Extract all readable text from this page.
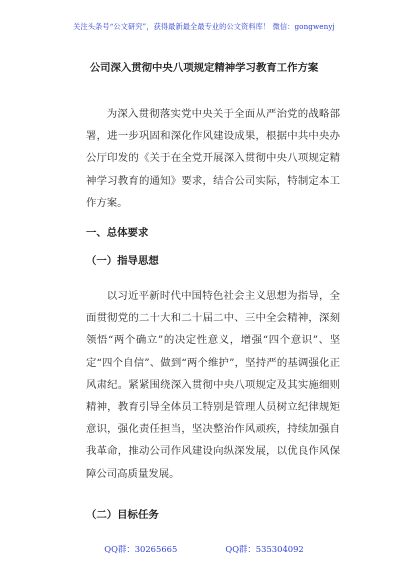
关注头条号“公文研究”，获得最新最全最专业的公文资料库！ 微信：gongwenyj
公司深入贯彻中央八项规定精神学习教育工作方案
为深入贯彻落实党中央关于全面从严治党的战略部署，进一步巩固和深化作风建设成果，根据中共中央办公厅印发的《关于在全党开展深入贯彻中央八项规定精神学习教育的通知》要求，结合公司实际，特制定本工作方案。
一、总体要求
（一）指导思想
以习近平新时代中国特色社会主义思想为指导，全面贯彻党的二十大和二十届二中、三中全会精神，深刻领悟“两个确立”的决定性意义，增强“四个意识”、坚定“四个自信”、做到“两个维护”，坚持严的基调强化正风肃纪。紧紧围绕深入贯彻中央八项规定及其实施细则精神，教育引导全体员工特别是管理人员树立纪律规矩意识，强化责任担当，坚决整治作风顽疾，持续加强自我革命，推动公司作风建设向纵深发展，以优良作风保障公司高质量发展。
（二）目标任务
QQ群：30265665	QQ群：535304092
